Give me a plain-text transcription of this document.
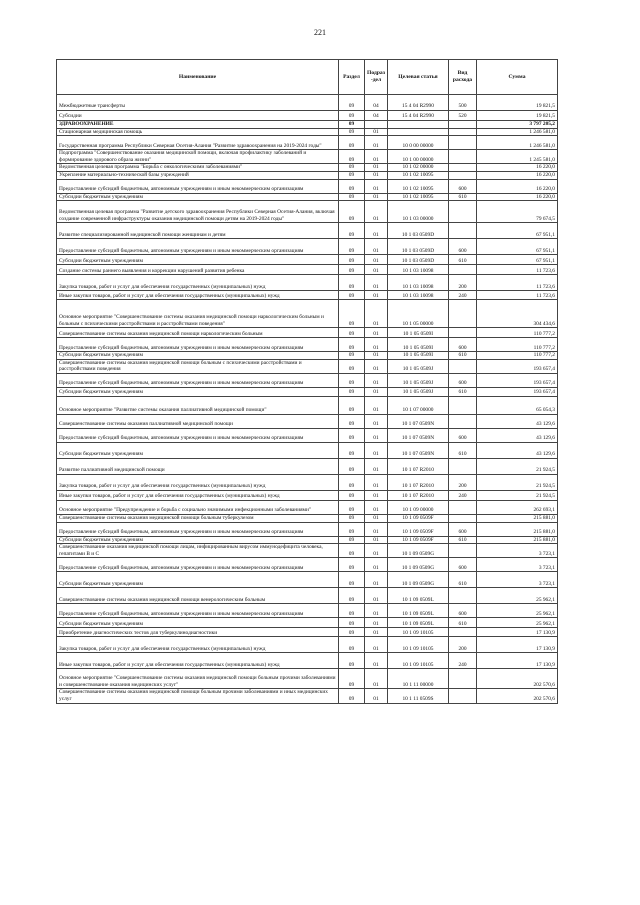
221
Наименование	Раздел	Подраз-дел	Целевая статья	Вид расхода	Сумма
Межбюджетные трансферты	09	04	15 4 04 R2990	500	19 821,5
Субсидии	09	04	15 4 04 R2990	520	19 821,5
ЗДРАВООХРАНЕНИЕ	09				3 797 205,2
Стационарная медицинская помощь	09	01			1 246 581,0
Государственная программа Республики Северная Осетия-Алания "Развитие здравоохранения на 2019-2024 годы"	09	01	10 0 00 00000		1 246 581,0
Подпрограмма "Совершенствование оказания медицинской помощи, включая профилактику заболеваний и формирование здорового образа жизни"	09	01	10 1 00 00000		1 245 581,0
Ведомственная целевая программа "Борьба с онкологическими заболеваниями"	09	01	10 1 02 00000		16 220,0
Укрепление материально-технической базы учреждений	09	01	10 1 02 10095		16 220,0
Предоставление субсидий бюджетным, автономным учреждениям и иным некоммерческим организациям	09	01	10 1 02 10095	600	16 220,0
Субсидии бюджетным учреждениям	09	01	10 1 02 10095	610	16 220,0
Ведомственная целевая программа "Развитие детского здравоохранения Республики Северная Осетия-Алания, включая создание современной инфраструктуры оказания медицинской помощи детям на 2019-2024 годы"	09	01	10 1 03 00000		79 674,5
Развитие специализированной медицинской помощи женщинам и детям	09	01	10 1 03 0509D		67 951,1
Предоставление субсидий бюджетным, автономным учреждениям и иным некоммерческим организациям	09	01	10 1 03 0509D	600	67 951,1
Субсидии бюджетным учреждениям	09	01	10 1 03 0509D	610	67 951,1
Создание системы раннего выявления и коррекции нарушений развития ребенка	09	01	10 1 03 10098		11 723,6
Закупка товаров, работ и услуг для обеспечения государственных (муниципальных) нужд	09	01	10 1 03 10098	200	11 723,6
Иные закупки товаров, работ и услуг для обеспечения государственных (муниципальных) нужд	09	01	10 1 03 10098	240	11 723,6
Основное мероприятие "Совершенствование системы оказания медицинской помощи наркологическим больным и больным с психическими расстройствами и расстройствами поведения"	09	01	10 1 05 00000		304 434,6
Совершенствование системы оказания медицинской помощи наркологическим больным	09	01	10 1 05 0509I		110 777,2
Предоставление субсидий бюджетным, автономным учреждениям и иным некоммерческим организациям	09	01	10 1 05 0509I	600	110 777,2
Субсидии бюджетным учреждениям	09	01	10 1 05 0509I	610	110 777,2
Совершенствование системы оказания медицинской помощи больным с психическими расстройствами и расстройствами поведения	09	01	10 1 05 0509J		193 657,4
Предоставление субсидий бюджетным, автономным учреждениям и иным некоммерческим организациям	09	01	10 1 05 0509J	600	193 657,4
Субсидии бюджетным учреждениям	09	01	10 1 05 0509J	610	193 657,4
Основное мероприятие "Развитие системы оказания паллиативной медицинской помощи"	09	01	10 1 07 00000		65 054,3
Совершенствование системы оказания паллиативной медицинской помощи	09	01	10 1 07 0509N		43 129,6
Предоставление субсидий бюджетным, автономным учреждениям и иным некоммерческим организациям	09	01	10 1 07 0509N	600	43 129,6
Субсидии бюджетным учреждениям	09	01	10 1 07 0509N	610	43 129,6
Развитие паллиативной медицинской помощи	09	01	10 1 07 R2010		21 924,5
Закупка товаров, работ и услуг для обеспечения государственных (муниципальных) нужд	09	01	10 1 07 R2010	200	21 924,5
Иные закупки товаров, работ и услуг для обеспечения государственных (муниципальных) нужд	09	01	10 1 07 R2010	240	21 924,5
Основное мероприятие "Предупреждение и борьба с социально значимыми инфекционными заболеваниями"	09	01	10 1 09 00000		262 693,1
Совершенствование системы оказания медицинской помощи больным туберкулезом	09	01	10 1 09 0509F		215 881,0
Предоставление субсидий бюджетным, автономным учреждениям и иным некоммерческим организациям	09	01	10 1 09 0509F	600	215 881,0
Субсидии бюджетным учреждениям	09	01	10 1 09 0509F	610	215 881,0
Совершенствование оказания медицинской помощи лицам, инфицированным вирусом иммунодефицита человека, гепатитами B и C	09	01	10 1 09 0509G		3 723,1
Предоставление субсидий бюджетным, автономным учреждениям и иным некоммерческим организациям	09	01	10 1 09 0509G	600	3 723,1
Субсидии бюджетным учреждениям	09	01	10 1 09 0509G	610	3 723,1
Совершенствование системы оказания медицинской помощи венерологическим больным	09	01	10 1 09 0509L		25 962,1
Предоставление субсидий бюджетным, автономным учреждениям и иным некоммерческим организациям	09	01	10 1 09 0509L	600	25 962,1
Субсидии бюджетным учреждениям	09	01	10 1 09 0509L	610	25 962,1
Приобретение диагностических тестов для туберкулинодиагностики	09	01	10 1 09 10105		17 130,9
Закупка товаров, работ и услуг для обеспечения государственных (муниципальных) нужд	09	01	10 1 09 10105	200	17 130,9
Иные закупки товаров, работ и услуг для обеспечения государственных (муниципальных) нужд	09	01	10 1 09 10105	240	17 130,9
Основное мероприятие "Совершенствование системы оказания медицинской помощи больным прочими заболеваниями и совершенствование оказания медицинских услуг"	09	01	10 1 11 00000		202 570,6
Совершенствование системы оказания медицинской помощи больным прочими заболеваниями и иных медицинских услуг	09	01	10 1 11 0509S		202 570,6
